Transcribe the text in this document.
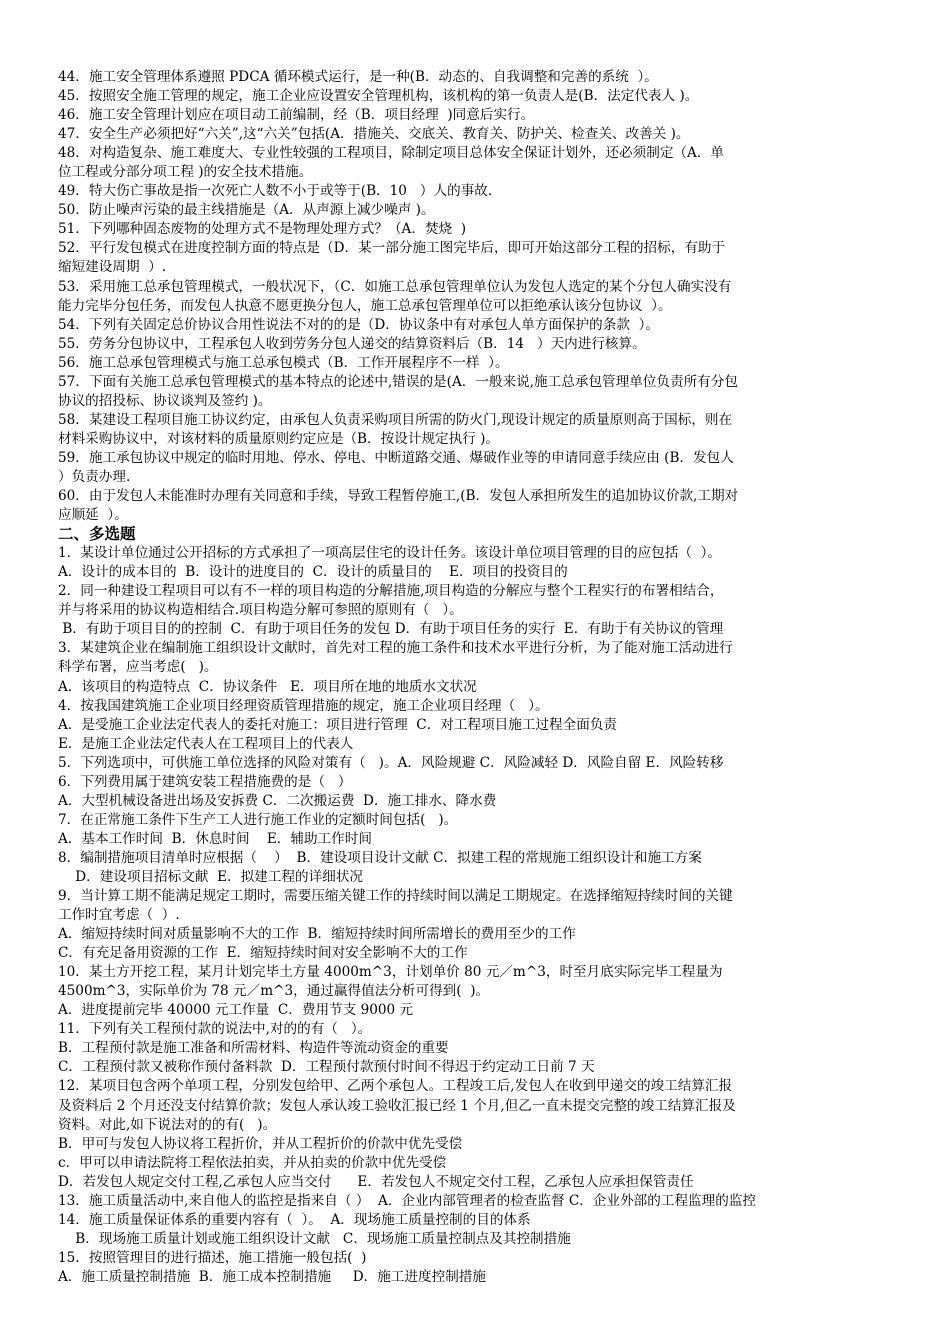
44．施工安全管理体系遵照 PDCA 循环模式运行，是一种(B．动态的、自我调整和完善的系统  ）。
45．按照安全施工管理的规定，施工企业应设置安全管理机构，该机构的第一负责人是(B．法定代表人 )。
46．施工安全管理计划应在项目动工前编制，经（B．项目经理  )同意后实行。
47．安全生产必须把好“六关”,这“六关”包括(A．措施关、交底关、教育关、防护关、检查关、改善关 )。
48．对构造复杂、施工难度大、专业性较强的工程项目，除制定项目总体安全保证计划外，还必须制定（A．单
位工程或分部分项工程 )的安全技术措施。
49．特大伤亡事故是指一次死亡人数不小于或等于(B．10   ）人的事故.
50．防止噪声污染的最主线措施是（A．从声源上减少噪声 )。
51．下列哪种固态废物的处理方式不是物理处理方式？（A．焚烧  )
52．平行发包模式在进度控制方面的特点是（D．某一部分施工图完毕后，即可开始这部分工程的招标，有助于
缩短建设周期  ）.
53．采用施工总承包管理模式，一般状况下，（C．如施工总承包管理单位认为发包人选定的某个分包人确实没有
能力完毕分包任务，而发包人执意不愿更换分包人，施工总承包管理单位可以拒绝承认该分包协议  ）。
54．下列有关固定总价协议合用性说法不对的的是（D．协议条中有对承包人单方面保护的条款  ）。
55．劳务分包协议中，工程承包人收到劳务分包人递交的结算资料后（B．14   ）天内进行核算。
56．施工总承包管理模式与施工总承包模式（B．工作开展程序不一样  ）。
57．下面有关施工总承包管理模式的基本特点的论述中,错误的是(A．一般来说,施工总承包管理单位负责所有分包
协议的招投标、协议谈判及签约 )。
58．某建设工程项目施工协议约定，由承包人负责采购项目所需的防火门,现设计规定的质量原则高于国标，则在
材料采购协议中，对该材料的质量原则约定应是（B．按设计规定执行 )。
59．施工承包协议中规定的临时用地、停水、停电、中断道路交通、爆破作业等的申请同意手续应由 (B．发包人
）负责办理.
60．由于发包人未能准时办理有关同意和手续，导致工程暂停施工,(B．发包人承担所发生的追加协议价款,工期对
应顺延  ）。
二、多选题
1．某设计单位通过公开招标的方式承担了一项高层住宅的设计任务。该设计单位项目管理的目的应包括（  ）。
A．设计的成本目的  B．设计的进度目的  C．设计的质量目的    E．项目的投资目的
2．同一种建设工程项目可以有不一样的项目构造的分解措施,项目构造的分解应与整个工程实行的布署相结合，
并与将采用的协议构造相结合.项目构造分解可参照的原则有（   ）。
B．有助于项目目的的控制  C．有助于项目任务的发包 D．有助于项目任务的实行  E．有助于有关协议的管理
3．某建筑企业在编制施工组织设计文献时，首先对工程的施工条件和技术水平进行分析，为了能对施工活动进行
科学布署，应当考虑(   )。
A．该项目的构造特点  C．协议条件   E．项目所在地的地质水文状况
4．按我国建筑施工企业项目经理资质管理措施的规定，施工企业项目经理（   ）。
A．是受施工企业法定代表人的委托对施工：项目进行管理  C．对工程项目施工过程全面负责
E．是施工企业法定代表人在工程项目上的代表人
5．下列选项中，可供施工单位选择的风险对策有（   )。A．风险规避 C．风险减轻 D．风险自留 E．风险转移
6．下列费用属于建筑安装工程措施费的是（   ）
A．大型机械设备进出场及安拆费 C．二次搬运费  D．施工排水、降水费
7．在正常施工条件下生产工人进行施工作业的定额时间包括(   )。
A．基本工作时间  B．休息时间    E．辅助工作时间
8．编制措施项目清单时应根据（    ）  B．建设项目设计文献 C．拟建工程的常规施工组织设计和施工方案
D．建设项目招标文献  E．拟建工程的详细状况
9．当计算工期不能满足规定工期时，需要压缩关键工作的持续时间以满足工期规定。在选择缩短持续时间的关键
工作时宜考虑（  ）.
A．缩短持续时间对质量影响不大的工作  B．缩短持续时间所需增长的费用至少的工作
C．有充足备用资源的工作  E．缩短持续时间对安全影响不大的工作
10．某土方开挖工程，某月计划完毕土方量 4000m^3，计划单价 80 元／m^3，时至月底实际完毕工程量为
4500m^3，实际单价为 78 元／m^3，通过赢得值法分析可得到(  )。
A．进度提前完毕 40000 元工作量  C．费用节支 9000 元
11．下列有关工程预付款的说法中,对的的有（   ）。
B．工程预付款是施工准备和所需材料、构造件等流动资金的重要
C．工程预付款又被称作预付备料款  D．工程预付款预付时间不得迟于约定动工日前 7 天
12．某项目包含两个单项工程，分别发包给甲、乙两个承包人。工程竣工后,发包人在收到甲递交的竣工结算汇报
及资料后 2 个月还没支付结算价款；发包人承认竣工验收汇报已经 1 个月,但乙一直未提交完整的竣工结算汇报及
资料。对此,如下说法对的的有(   )。
B．甲可与发包人协议将工程折价，并从工程折价的价款中优先受偿
c．甲可以申请法院将工程依法拍卖，并从拍卖的价款中优先受偿
D．若发包人规定交付工程,乙承包人应当交付      E．若发包人不规定交付工程，乙承包人应承担保管责任
13．施工质量活动中,来自他人的监控是指来自（ ）  A．企业内部管理者的检查监督 C．企业外部的工程监理的监控
14．施工质量保证体系的重要内容有（  ）。  A．现场施工质量控制的目的体系
B．现场施工质量计划或施工组织设计文献   C．现场施工质量控制点及其控制措施
15．按照管理目的进行描述，施工措施一般包括(  )
A．施工质量控制措施  B．施工成本控制措施     D．施工进度控制措施
